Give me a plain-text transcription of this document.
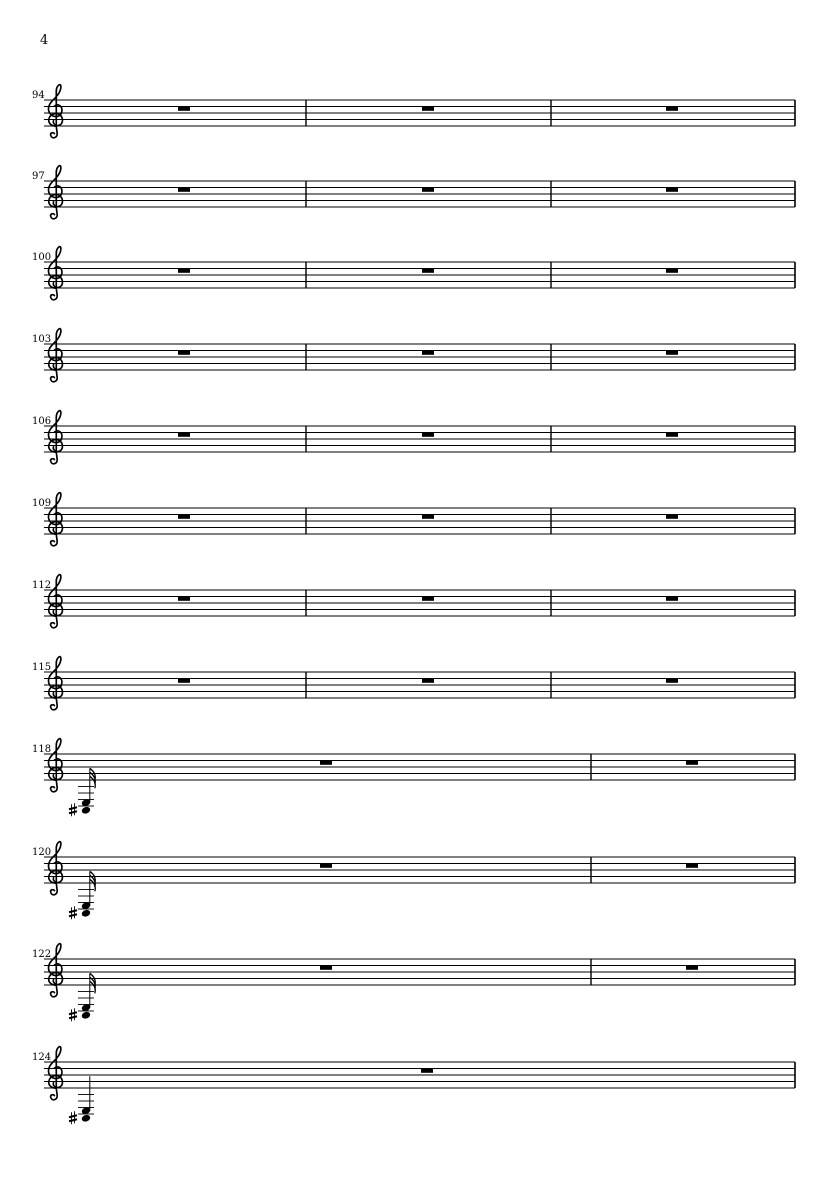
4
94
97
100
103
106
109
112
115
118
120
122
124
